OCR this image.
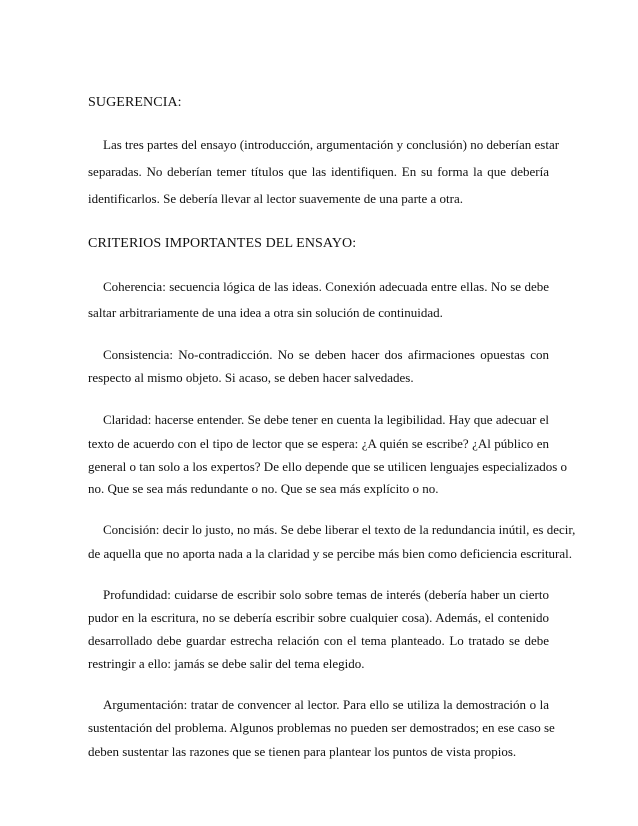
SUGERENCIA:
Las tres partes del ensayo (introducción, argumentación y conclusión) no deberían estar
separadas. No deberían temer títulos que las identifiquen. En su forma la que debería
identificarlos. Se debería llevar al lector suavemente de una parte a otra.
CRITERIOS IMPORTANTES DEL ENSAYO:
Coherencia: secuencia lógica de las ideas. Conexión adecuada entre ellas. No se debe
saltar arbitrariamente de una idea a otra sin solución de continuidad.
Consistencia: No-contradicción. No se deben hacer dos afirmaciones opuestas con
respecto al mismo objeto. Si acaso, se deben hacer salvedades.
Claridad: hacerse entender. Se debe tener en cuenta la legibilidad. Hay que adecuar el
texto de acuerdo con el tipo de lector que se espera: ¿A quién se escribe? ¿Al público en
general o tan solo a los expertos? De ello depende que se utilicen lenguajes especializados o
no. Que se sea más redundante o no. Que se sea más explícito o no.
Concisión: decir lo justo, no más. Se debe liberar el texto de la redundancia inútil, es decir,
de aquella que no aporta nada a la claridad y se percibe más bien como deficiencia escritural.
Profundidad: cuidarse de escribir solo sobre temas de interés (debería haber un cierto
pudor en la escritura, no se debería escribir sobre cualquier cosa). Además, el contenido
desarrollado debe guardar estrecha relación con el tema planteado. Lo tratado se debe
restringir a ello: jamás se debe salir del tema elegido.
Argumentación: tratar de convencer al lector. Para ello se utiliza la demostración o la
sustentación del problema. Algunos problemas no pueden ser demostrados; en ese caso se
deben sustentar las razones que se tienen para plantear los puntos de vista propios.
